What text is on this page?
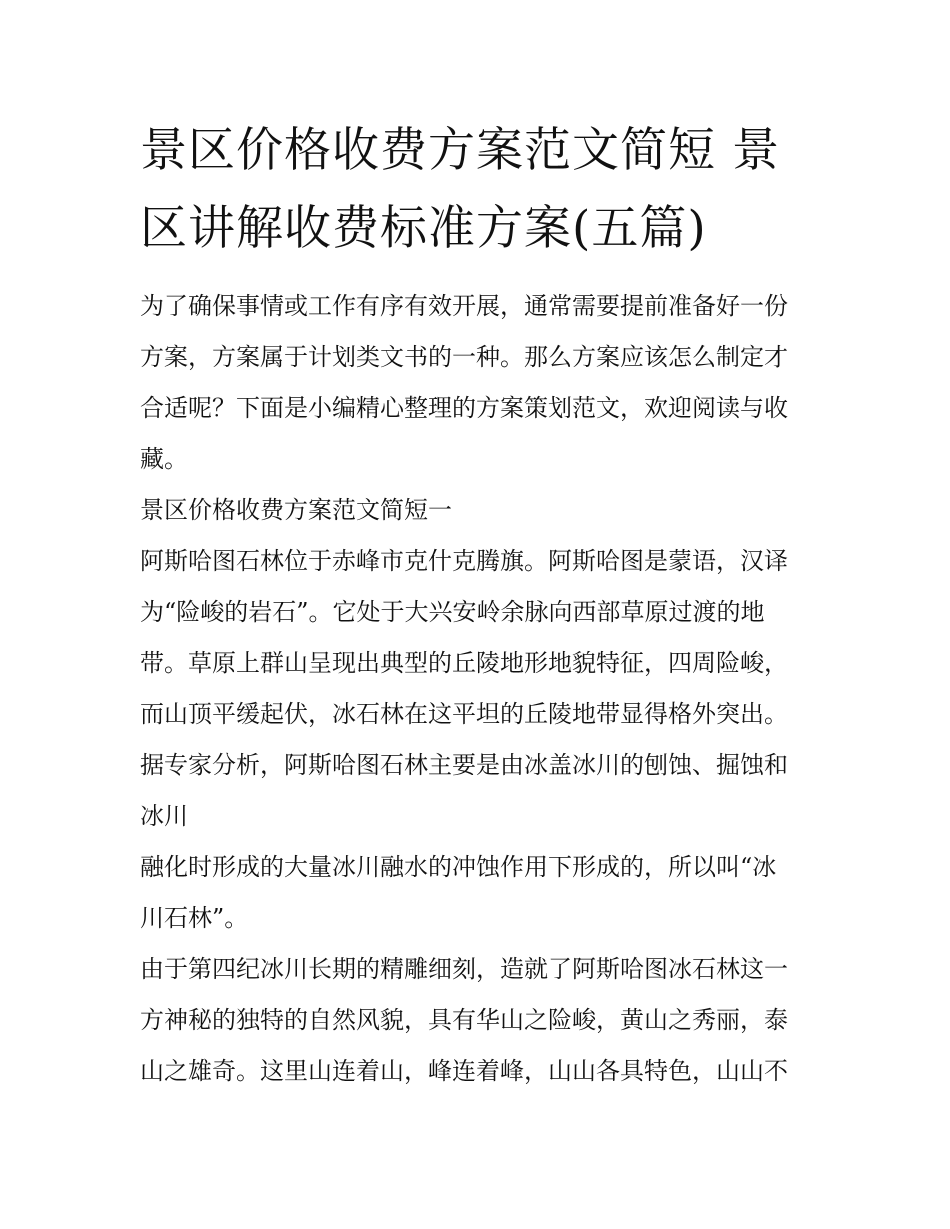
景区价格收费方案范文简短 景
区讲解收费标准方案(五篇)
为了确保事情或工作有序有效开展，通常需要提前准备好一份
方案，方案属于计划类文书的一种。那么方案应该怎么制定才
合适呢？下面是小编精心整理的方案策划范文，欢迎阅读与收
藏。
景区价格收费方案范文简短一
阿斯哈图石林位于赤峰市克什克腾旗。阿斯哈图是蒙语，汉译
为“险峻的岩石”。它处于大兴安岭余脉向西部草原过渡的地
带。草原上群山呈现出典型的丘陵地形地貌特征，四周险峻，
而山顶平缓起伏，冰石林在这平坦的丘陵地带显得格外突出。
据专家分析，阿斯哈图石林主要是由冰盖冰川的刨蚀、掘蚀和
冰川
融化时形成的大量冰川融水的冲蚀作用下形成的，所以叫“冰
川石林”。
由于第四纪冰川长期的精雕细刻，造就了阿斯哈图冰石林这一
方神秘的独特的自然风貌，具有华山之险峻，黄山之秀丽，泰
山之雄奇。这里山连着山，峰连着峰，山山各具特色，山山不
